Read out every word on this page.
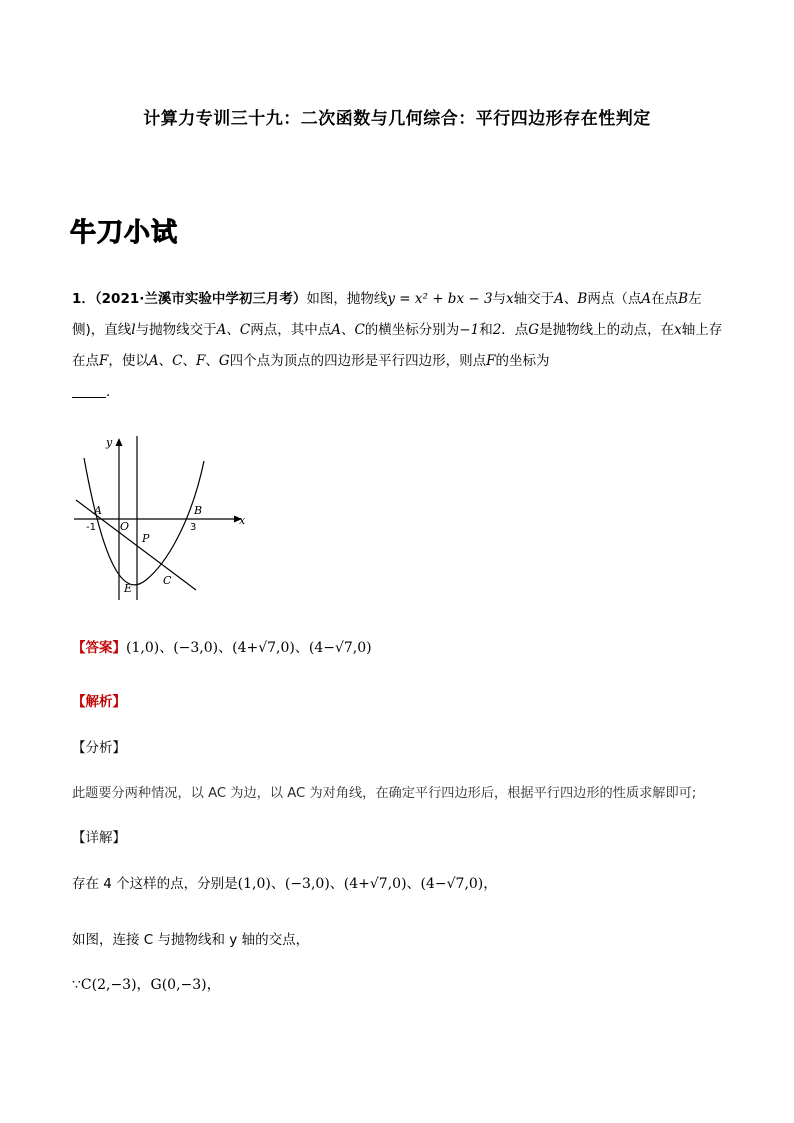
计算力专训三十九：二次函数与几何综合：平行四边形存在性判定
牛刀小试
1．（2021·兰溪市实验中学初三月考）如图，抛物线y = x² + bx − 3与x轴交于A、B两点（点A在点B左侧)，直线l与抛物线交于A、C两点，其中点A、C的横坐标分别为−1和2．点G是抛物线上的动点，在x轴上存在点F，使以A、C、F、G四个点为顶点的四边形是平行四边形，则点F的坐标为
．
y
x
A	B
O
-1	3
P
C
E
【答案】(1,0)、(−3,0)、(4+√7,0)、(4−√7,0)
【解析】
【分析】
此题要分两种情况，以 AC 为边，以 AC 为对角线，在确定平行四边形后，根据平行四边形的性质求解即可;
【详解】
存在 4 个这样的点，分别是(1,0)、(−3,0)、(4+√7,0)、(4−√7,0)，
如图，连接 C 与抛物线和 y 轴的交点，
∵C(2,−3)，G(0,−3)，
